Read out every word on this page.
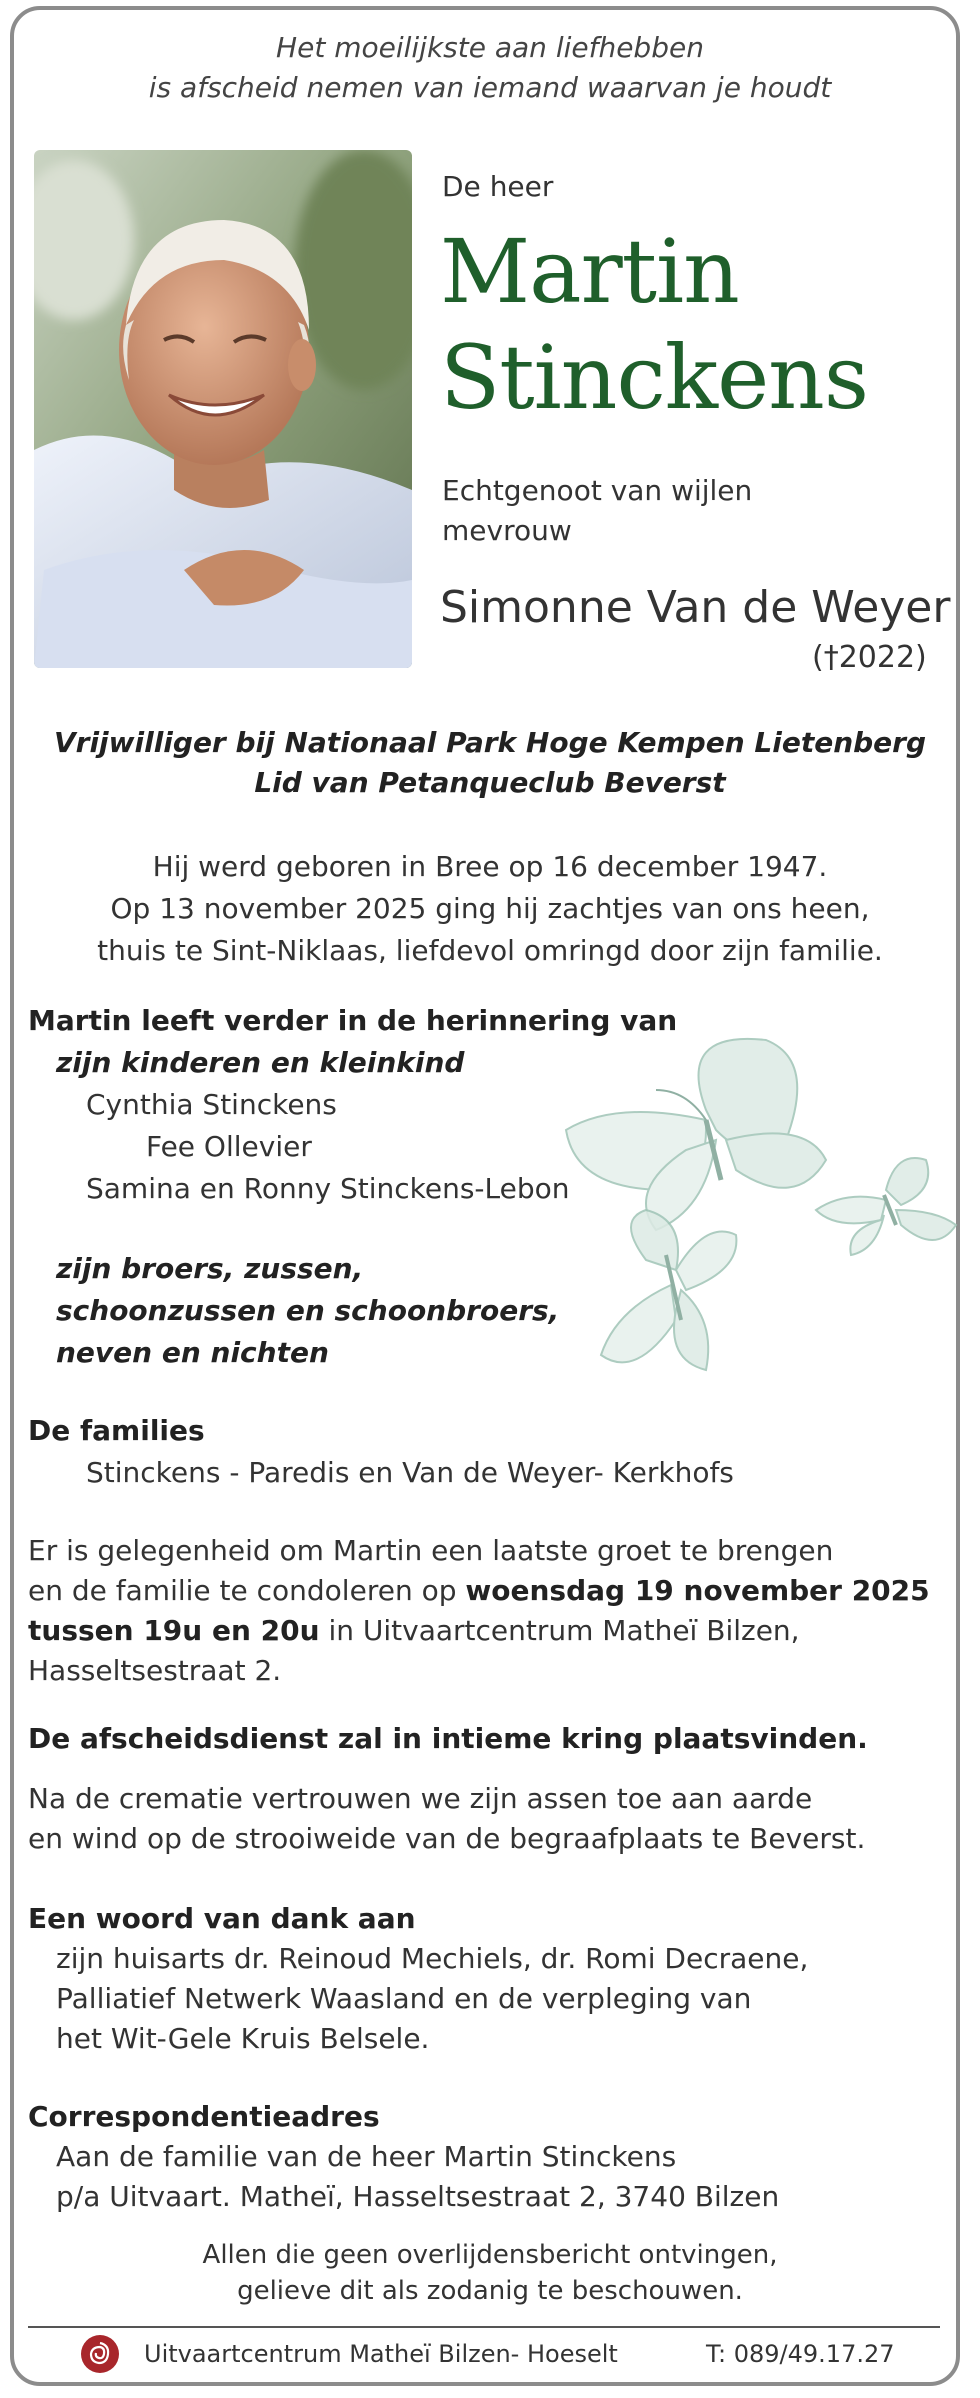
Het moeilijkste aan liefhebben
is afscheid nemen van iemand waarvan je houdt
De heer
Martin
Stinckens
Echtgenoot van wijlen
mevrouw
Simonne Van de Weyer
(†2022)
Vrijwilliger bij Nationaal Park Hoge Kempen Lietenberg
Lid van Petanqueclub Beverst
Hij werd geboren in Bree op 16 december 1947.
Op 13 november 2025 ging hij zachtjes van ons heen,
thuis te Sint-Niklaas, liefdevol omringd door zijn familie.
Martin leeft verder in de herinnering van
zijn kinderen en kleinkind
Cynthia Stinckens
Fee Ollevier
Samina en Ronny Stinckens-Lebon
zijn broers, zussen,
schoonzussen en schoonbroers,
neven en nichten
De families
Stinckens - Paredis en Van de Weyer- Kerkhofs
Er is gelegenheid om Martin een laatste groet te brengen
en de familie te condoleren op woensdag 19 november 2025
tussen 19u en 20u in Uitvaartcentrum Matheï Bilzen,
Hasseltsestraat 2.
De afscheidsdienst zal in intieme kring plaatsvinden.
Na de crematie vertrouwen we zijn assen toe aan aarde
en wind op de strooiweide van de begraafplaats te Beverst.
Een woord van dank aan
zijn huisarts dr. Reinoud Mechiels, dr. Romi Decraene,
Palliatief Netwerk Waasland en de verpleging van
het Wit-Gele Kruis Belsele.
Correspondentieadres
Aan de familie van de heer Martin Stinckens
p/a Uitvaart. Matheï, Hasseltsestraat 2, 3740 Bilzen
Allen die geen overlijdensbericht ontvingen,
gelieve dit als zodanig te beschouwen.
Uitvaartcentrum Matheï Bilzen- Hoeselt	T: 089/49.17.27
